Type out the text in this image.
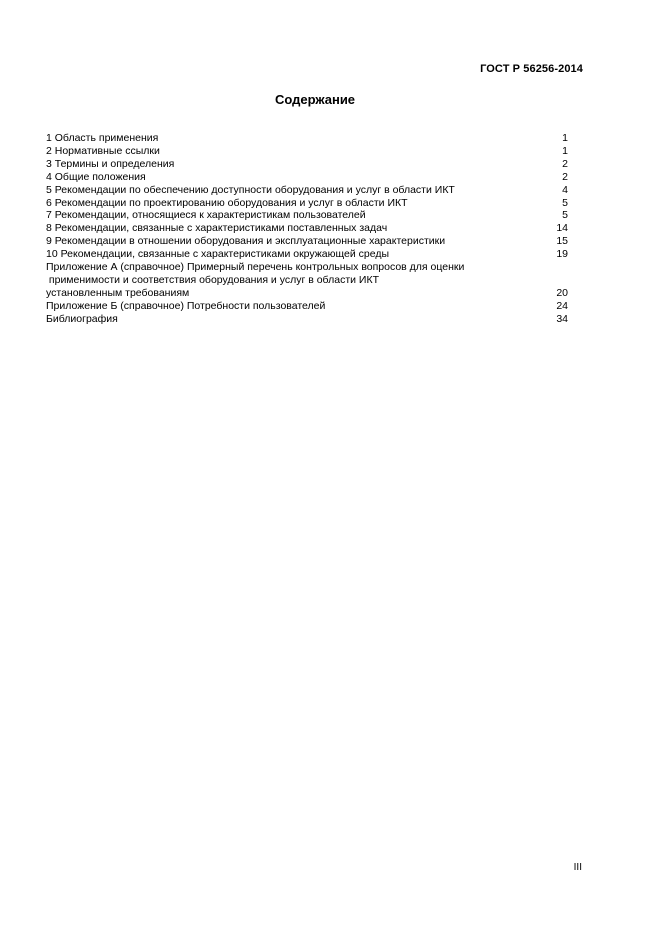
ГОСТ Р 56256-2014
Содержание
1 Область применения	1
2 Нормативные ссылки	1
3 Термины и определения	2
4 Общие положения	2
5 Рекомендации по обеспечению доступности оборудования и услуг в области ИКТ	4
6 Рекомендации по проектированию оборудования и услуг в области ИКТ	5
7 Рекомендации, относящиеся к характеристикам пользователей	5
8 Рекомендации, связанные с характеристиками поставленных задач	14
9 Рекомендации в отношении оборудования и эксплуатационные характеристики	15
10 Рекомендации, связанные с характеристиками окружающей среды	19
Приложение А (справочное) Примерный перечень контрольных вопросов для оценки
применимости и соответствия оборудования и услуг в области ИКТ
установленным требованиям	20
Приложение Б (справочное) Потребности пользователей	24
Библиография	34
III
